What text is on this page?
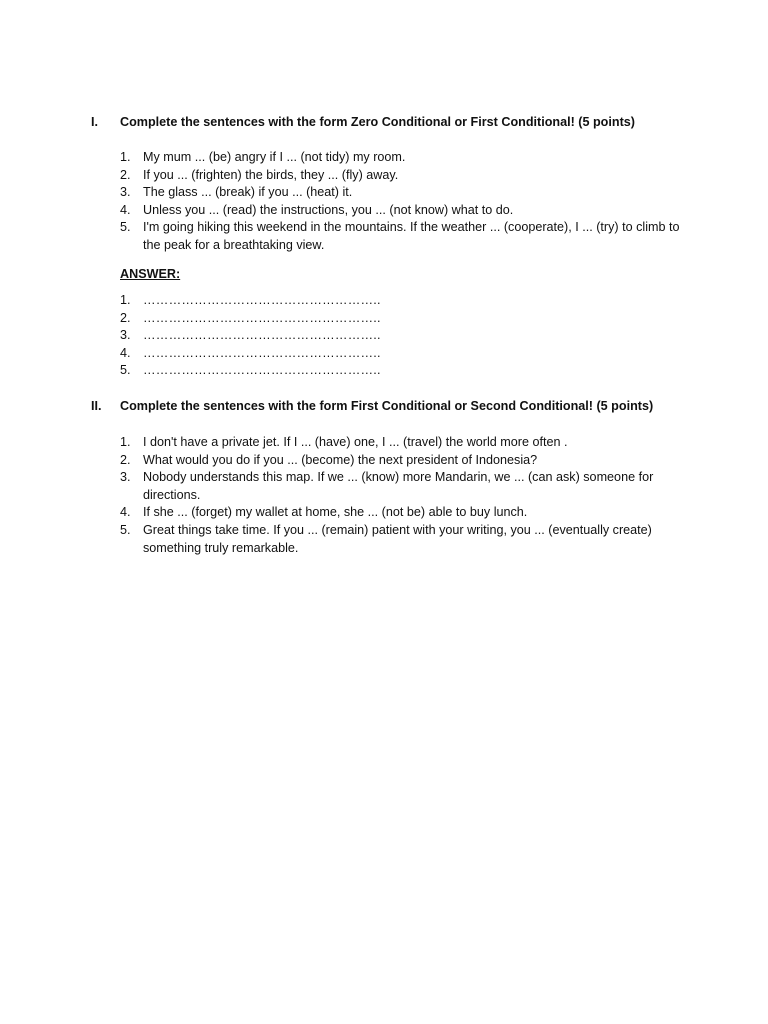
I. Complete the sentences with the form Zero Conditional or First Conditional! (5 points)
1. My mum ... (be) angry if I ... (not tidy) my room.
2. If you ... (frighten) the birds, they ... (fly) away.
3. The glass ... (break) if you ... (heat) it.
4. Unless you ... (read) the instructions, you ... (not know) what to do.
5. I'm going hiking this weekend in the mountains. If the weather ... (cooperate), I ... (try) to climb to the peak for a breathtaking view.
ANSWER:
1. ………………………………………………..
2. ………………………………………………..
3. ………………………………………………..
4. ………………………………………………..
5. ………………………………………………..
II. Complete the sentences with the form First Conditional or Second Conditional! (5 points)
1. I don't have a private jet. If I ... (have) one, I ... (travel) the world more often .
2. What would you do if you ... (become) the next president of Indonesia?
3. Nobody understands this map. If we ... (know) more Mandarin, we ... (can ask) someone for directions.
4. If she ... (forget) my wallet at home, she ... (not be) able to buy lunch.
5. Great things take time. If you ... (remain) patient with your writing, you ... (eventually create) something truly remarkable.
